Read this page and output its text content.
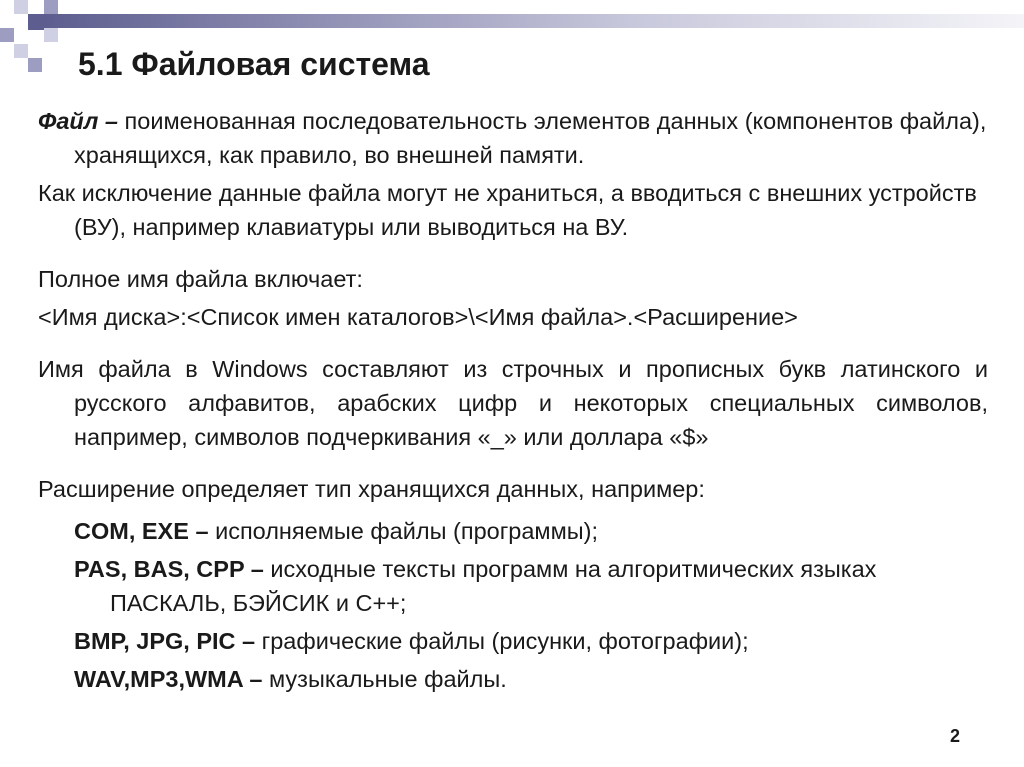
5.1 Файловая система

Файл – поименованная последовательность элементов данных (компонентов файла), хранящихся, как правило, во внешней памяти.

Как исключение данные файла могут не храниться, а вводиться с внешних устройств (ВУ), например клавиатуры или выводиться на ВУ.

Полное имя файла включает:

<Имя диска>:<Список имен каталогов>\<Имя файла>.<Расширение>

Имя файла в Windows составляют из строчных и прописных букв латинского и русского алфавитов, арабских цифр и некоторых специальных символов, например, символов подчеркивания «_» или доллара «$»

Расширение определяет тип хранящихся данных, например:

COM, EXE – исполняемые файлы (программы);

PAS, BAS, CPP – исходные тексты программ на алгоритмических языках ПАСКАЛЬ, БЭЙСИК и С++;

BMP, JPG, PIC – графические файлы (рисунки, фотографии);

WAV,MP3,WMA – музыкальные файлы.

2
